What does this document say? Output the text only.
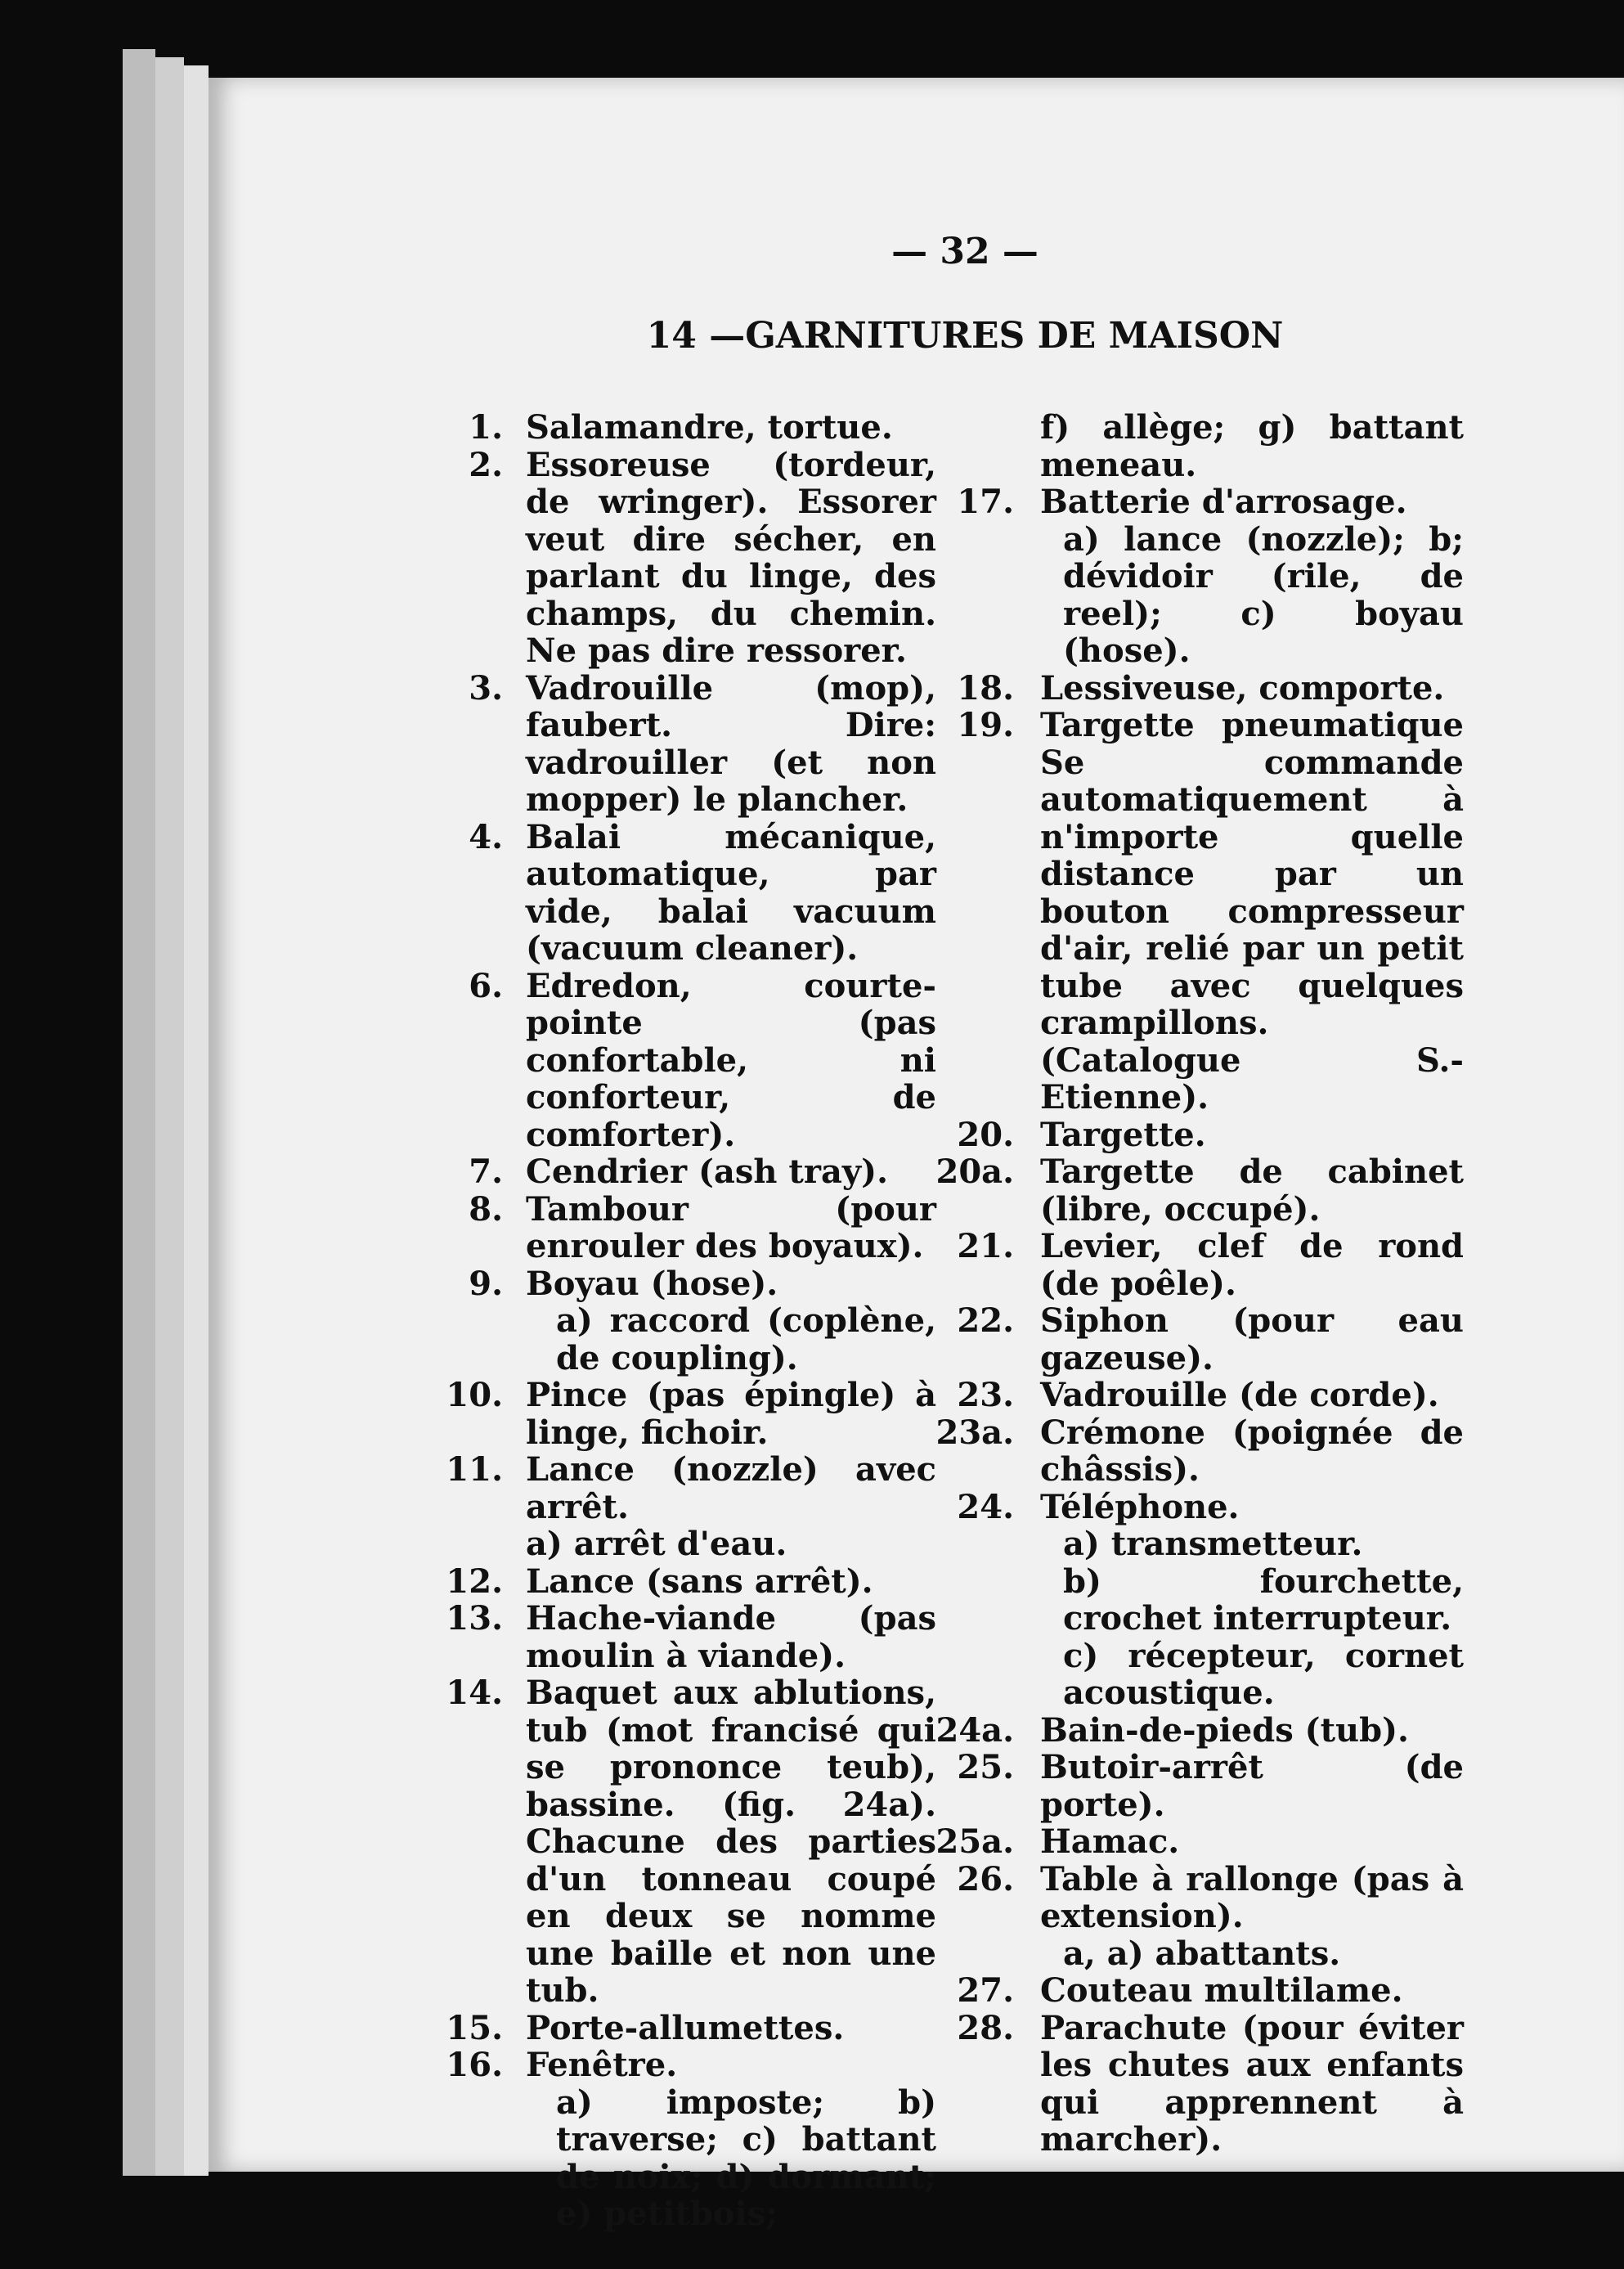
— 32 —
14 —GARNITURES DE MAISON
1. Salamandre, tortue.
2. Essoreuse (tordeur, de wringer). Essorer veut dire sécher, en parlant du linge, des champs, du chemin. Ne pas dire ressorer.
3. Vadrouille (mop), faubert. Dire: vadrouiller (et non mopper) le plancher.
4. Balai mécanique, automatique, par vide, balai vacuum (vacuum cleaner).
6. Edredon, courte-pointe (pas confortable, ni conforteur, de comforter).
7. Cendrier (ash tray).
8. Tambour (pour enrouler des boyaux).
9. Boyau (hose).
a) raccord (coplène, de coupling).
10. Pince (pas épingle) à linge, fichoir.
11. Lance (nozzle) avec arrêt.
a) arrêt d'eau.
12. Lance (sans arrêt).
13. Hache-viande (pas moulin à viande).
14. Baquet aux ablutions, tub (mot francisé qui se prononce teub), bassine. (fig. 24a). Chacune des parties d'un tonneau coupé en deux se nomme une baille et non une tub.
15. Porte-allumettes.
16. Fenêtre.
a) imposte; b) traverse; c) battant de noix; d) dormant; e) petitbois;
f) allège; g) battant meneau.
17. Batterie d'arrosage.
a) lance (nozzle); b; dévidoir (rile, de reel); c) boyau (hose).
18. Lessiveuse, comporte.
19. Targette pneumatique Se commande automatiquement à n'importe quelle distance par un bouton compresseur d'air, relié par un petit tube avec quelques crampillons. (Catalogue S.-Etienne).
20. Targette.
20a. Targette de cabinet (libre, occupé).
21. Levier, clef de rond (de poêle).
22. Siphon (pour eau gazeuse).
23. Vadrouille (de corde).
23a. Crémone (poignée de châssis).
24. Téléphone.
a) transmetteur.
b) fourchette, crochet interrupteur.
c) récepteur, cornet acoustique.
24a. Bain-de-pieds (tub).
25. Butoir-arrêt (de porte).
25a. Hamac.
26. Table à rallonge (pas à extension).
a, a) abattants.
27. Couteau multilame.
28. Parachute (pour éviter les chutes aux enfants qui apprennent à marcher).
